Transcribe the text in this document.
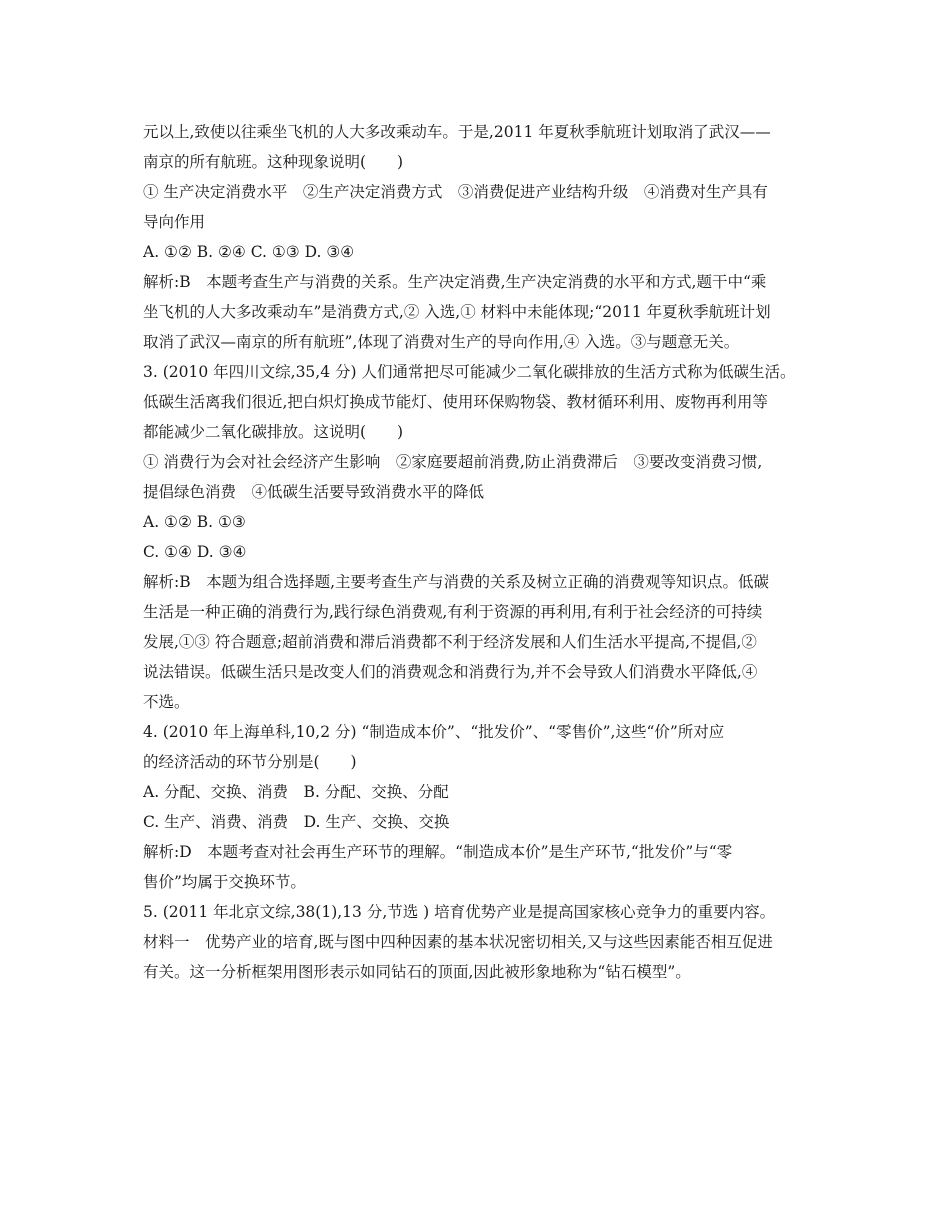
元以上,致使以往乘坐飞机的人大多改乘动车。于是,2011 年夏秋季航班计划取消了武汉——
南京的所有航班。这种现象说明(　　)
① 生产决定消费水平　②生产决定消费方式　③消费促进产业结构升级　④消费对生产具有
导向作用
A. ①② B. ②④ C. ①③ D. ③④
解析:B　本题考查生产与消费的关系。生产决定消费,生产决定消费的水平和方式,题干中“乘
坐飞机的人大多改乘动车”是消费方式,② 入选,① 材料中未能体现;“2011 年夏秋季航班计划
取消了武汉—南京的所有航班”,体现了消费对生产的导向作用,④ 入选。③与题意无关。
3. (2010 年四川文综,35,4 分) 人们通常把尽可能减少二氧化碳排放的生活方式称为低碳生活。
低碳生活离我们很近,把白炽灯换成节能灯、使用环保购物袋、教材循环利用、废物再利用等
都能减少二氧化碳排放。这说明(　　)
① 消费行为会对社会经济产生影响　②家庭要超前消费,防止消费滞后　③要改变消费习惯,
提倡绿色消费　④低碳生活要导致消费水平的降低
A. ①② B. ①③
C. ①④ D. ③④
解析:B　本题为组合选择题,主要考查生产与消费的关系及树立正确的消费观等知识点。低碳
生活是一种正确的消费行为,践行绿色消费观,有利于资源的再利用,有利于社会经济的可持续
发展,①③ 符合题意;超前消费和滞后消费都不利于经济发展和人们生活水平提高,不提倡,②
说法错误。低碳生活只是改变人们的消费观念和消费行为,并不会导致人们消费水平降低,④
不选。
4. (2010 年上海单科,10,2 分) “制造成本价”、“批发价”、“零售价”,这些“价”所对应
的经济活动的环节分别是(　　)
A. 分配、交换、消费　B. 分配、交换、分配
C. 生产、消费、消费　D. 生产、交换、交换
解析:D　本题考查对社会再生产环节的理解。“制造成本价”是生产环节,“批发价”与“零
售价”均属于交换环节。
5. (2011 年北京文综,38(1),13 分,节选 ) 培育优势产业是提高国家核心竞争力的重要内容。
材料一　优势产业的培育,既与图中四种因素的基本状况密切相关,又与这些因素能否相互促进
有关。这一分析框架用图形表示如同钻石的顶面,因此被形象地称为“钻石模型”。
